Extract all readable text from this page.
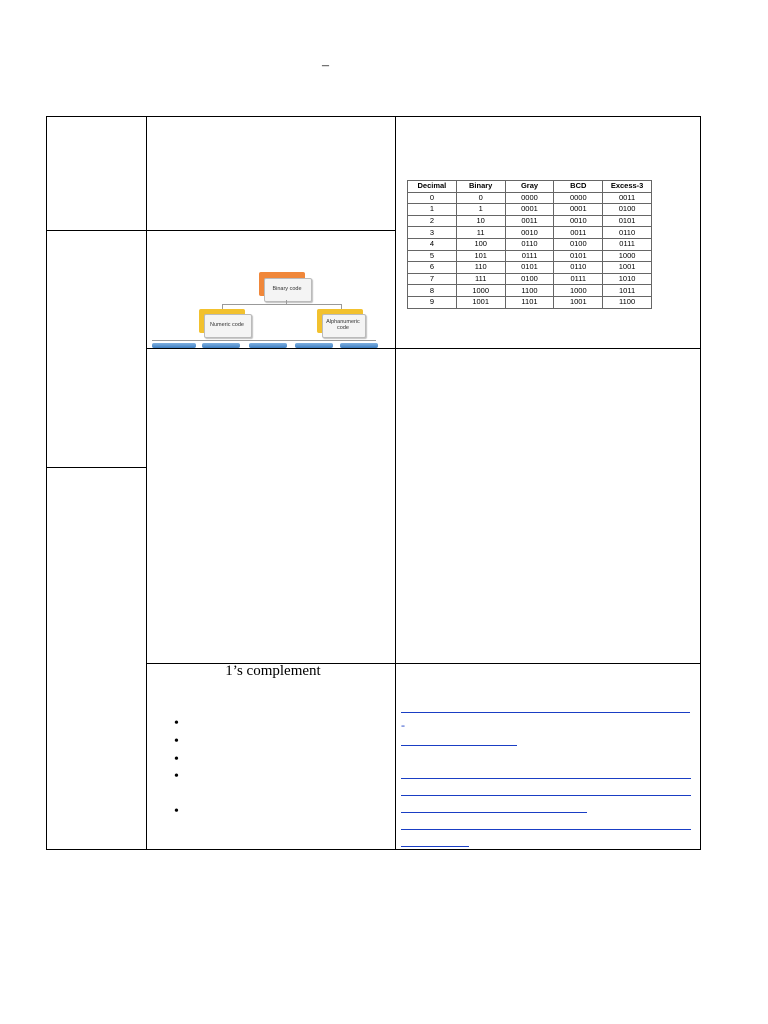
–
Decimal	Binary	Gray	BCD	Excess-3
0	0	0000	0000	0011
1	1	0001	0001	0100
2	10	0011	0010	0101
3	11	0010	0011	0110
4	100	0110	0100	0111
5	101	0111	0101	1000
6	110	0101	0110	1001
7	111	0100	0111	1010
8	1000	1100	1000	1011
9	1001	1101	1001	1100
Binary code
Numeric code	Alphanumeric code
1’s complement
•
•
•
•
•
-
